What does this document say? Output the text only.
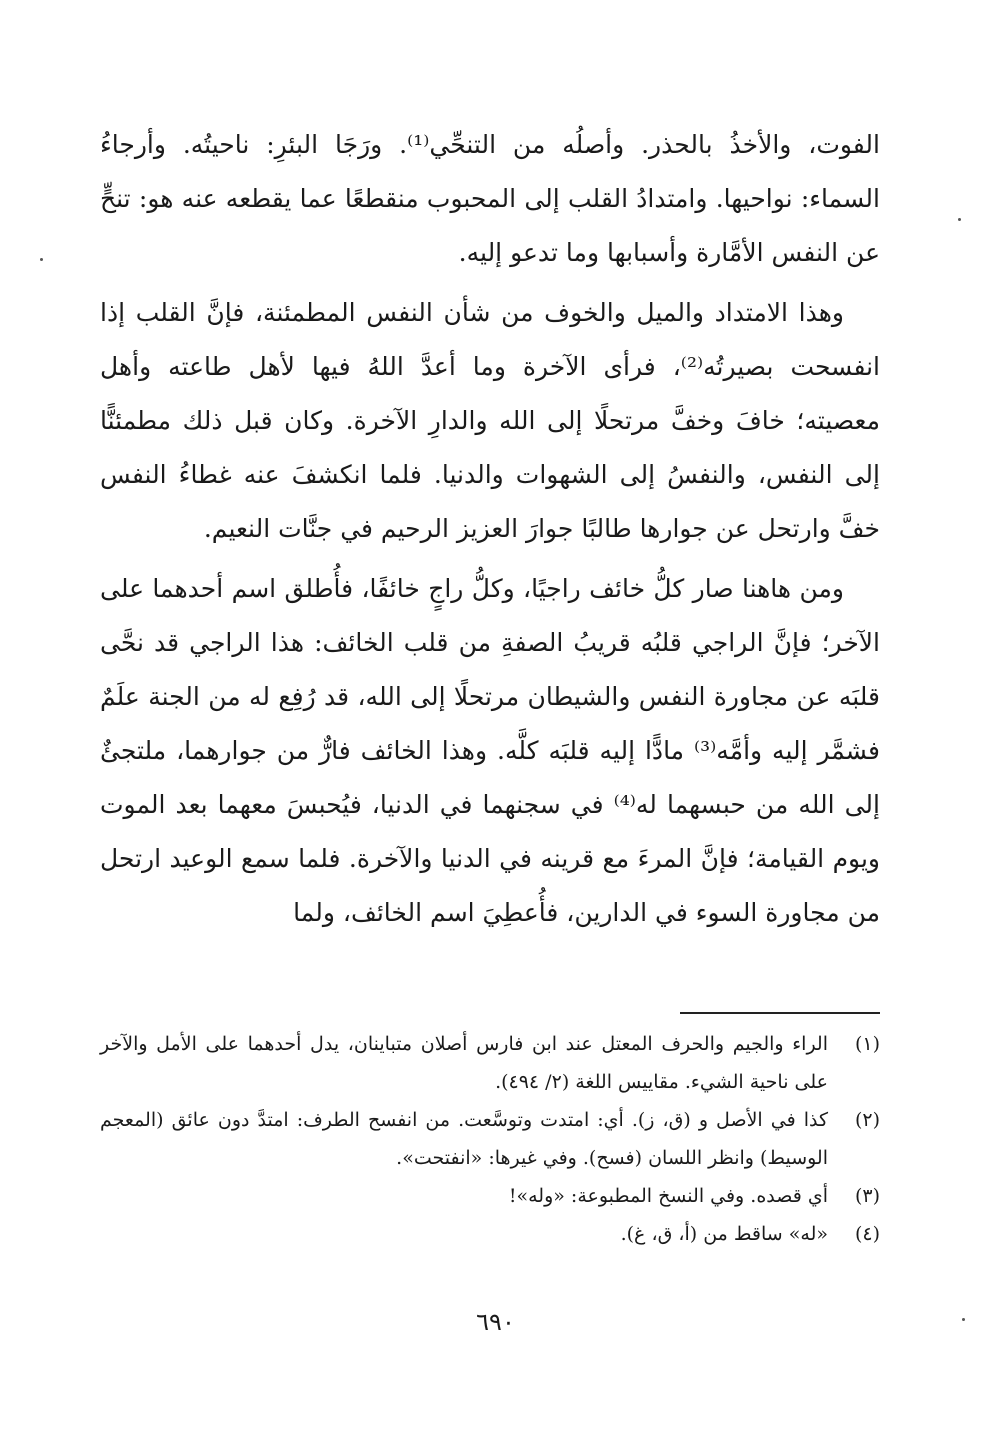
الفوت، والأخذُ بالحذر. وأصلُه من التنحِّي⁽¹⁾. ورَجَا البئرِ: ناحيتُه. وأرجاءُ السماء: نواحيها. وامتدادُ القلب إلى المحبوب منقطعًا عما يقطعه عنه هو: تنحٍّ عن النفس الأمَّارة وأسبابها وما تدعو إليه.

وهذا الامتداد والميل والخوف من شأن النفس المطمئنة، فإنَّ القلب إذا انفسحت بصيرتُه⁽²⁾، فرأى الآخرة وما أعدَّ اللهُ فيها لأهل طاعته وأهل معصيته؛ خافَ وخفَّ مرتحلًا إلى الله والدارِ الآخرة. وكان قبل ذلك مطمئنًّا إلى النفس، والنفسُ إلى الشهوات والدنيا. فلما انكشفَ عنه غطاءُ النفس خفَّ وارتحل عن جوارها طالبًا جوارَ العزيز الرحيم في جنَّات النعيم.

ومن هاهنا صار كلُّ خائف راجيًا، وكلُّ راجٍ خائفًا، فأُطلق اسم أحدهما على الآخر؛ فإنَّ الراجي قلبُه قريبُ الصفةِ من قلب الخائف: هذا الراجي قد نحَّى قلبَه عن مجاورة النفس والشيطان مرتحلًا إلى الله، قد رُفِع له من الجنة علَمٌ فشمَّر إليه وأمَّه⁽³⁾ مادًّا إليه قلبَه كلَّه. وهذا الخائف فارٌّ من جوارهما، ملتجئٌ إلى الله من حبسهما له⁽⁴⁾ في سجنهما في الدنيا، فيُحبسَ معهما بعد الموت ويوم القيامة؛ فإنَّ المرءَ مع قرينه في الدنيا والآخرة. فلما سمع الوعيد ارتحل من مجاورة السوء في الدارين، فأُعطِيَ اسم الخائف، ولما

(١)
الراء والجيم والحرف المعتل عند ابن فارس أصلان متباينان، يدل أحدهما على الأمل والآخر على ناحية الشيء. مقاييس اللغة (٢/ ٤٩٤).
(٢)
كذا في الأصل و (ق، ز). أي: امتدت وتوسَّعت. من انفسح الطرف: امتدَّ دون عائق (المعجم الوسيط) وانظر اللسان (فسح). وفي غيرها: «انفتحت».
(٣)
أي قصده. وفي النسخ المطبوعة: «وله»!
(٤)
«له» ساقط من (أ، ق، غ).
٦٩٠
